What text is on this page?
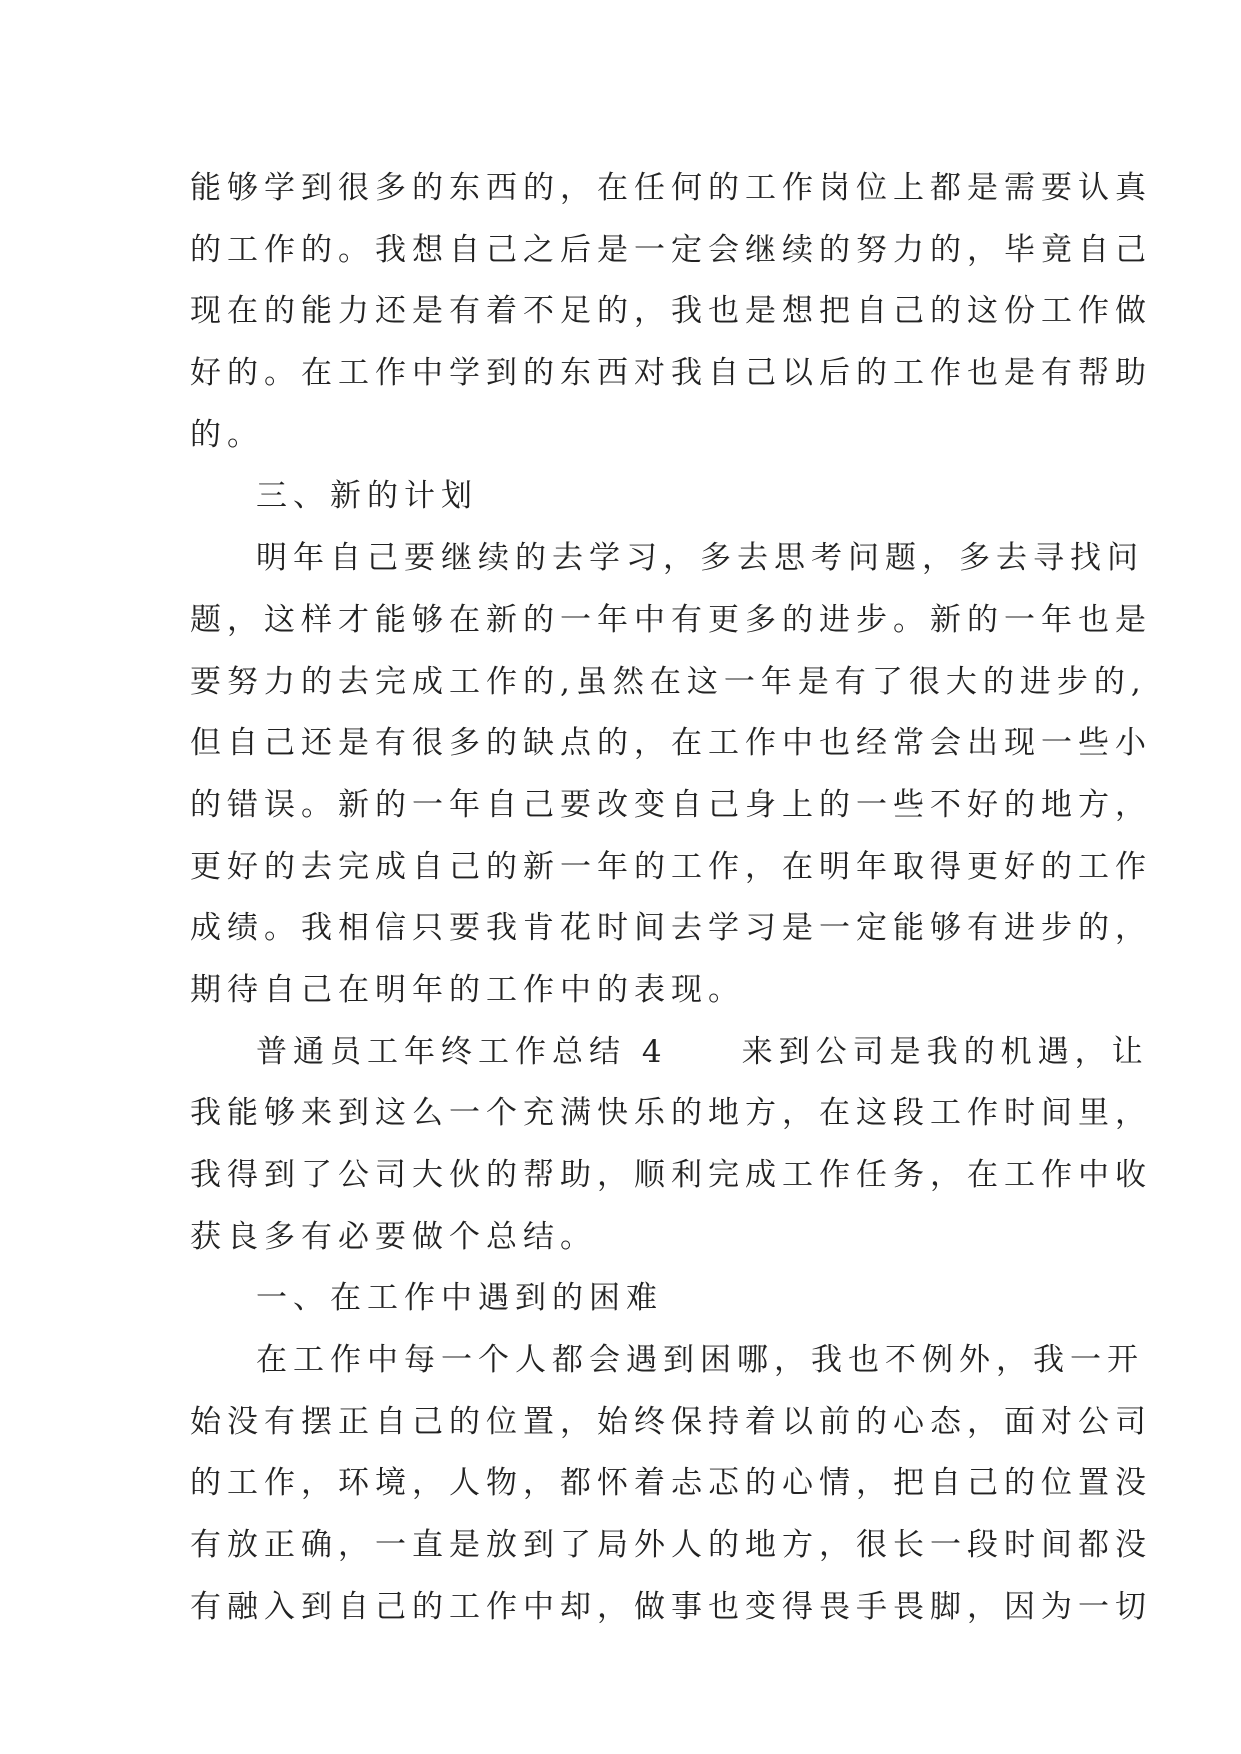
能够学到很多的东西的，在任何的工作岗位上都是需要认真
的工作的。我想自己之后是一定会继续的努力的，毕竟自己
现在的能力还是有着不足的，我也是想把自己的这份工作做
好的。在工作中学到的东西对我自己以后的工作也是有帮助
的。
三、新的计划
明年自己要继续的去学习，多去思考问题，多去寻找问
题，这样才能够在新的一年中有更多的进步。新的一年也是
要努力的去完成工作的,虽然在这一年是有了很大的进步的,
但自己还是有很多的缺点的，在工作中也经常会出现一些小
的错误。新的一年自己要改变自己身上的一些不好的地方，
更好的去完成自己的新一年的工作，在明年取得更好的工作
成绩。我相信只要我肯花时间去学习是一定能够有进步的，
期待自己在明年的工作中的表现。
普通员工年终工作总结 4　　来到公司是我的机遇，让
我能够来到这么一个充满快乐的地方，在这段工作时间里，
我得到了公司大伙的帮助，顺利完成工作任务，在工作中收
获良多有必要做个总结。
一、在工作中遇到的困难
在工作中每一个人都会遇到困哪，我也不例外，我一开
始没有摆正自己的位置，始终保持着以前的心态，面对公司
的工作，环境，人物，都怀着忐忑的心情，把自己的位置没
有放正确，一直是放到了局外人的地方，很长一段时间都没
有融入到自己的工作中却，做事也变得畏手畏脚，因为一切
